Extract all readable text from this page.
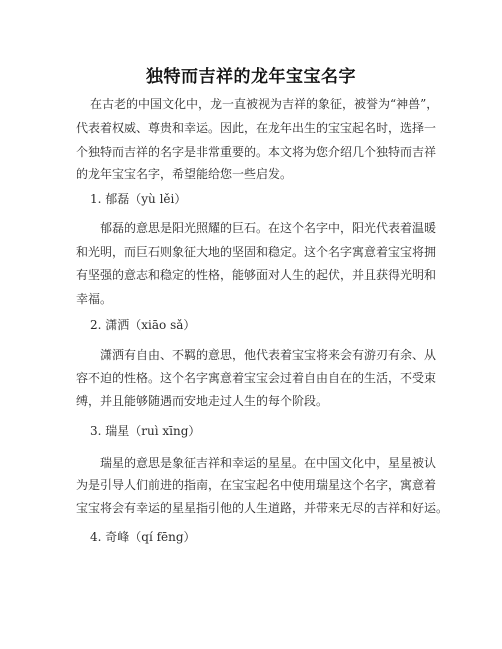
独特而吉祥的龙年宝宝名字
在古老的中国文化中，龙一直被视为吉祥的象征，被誉为“神兽”，
代表着权威、尊贵和幸运。因此，在龙年出生的宝宝起名时，选择一
个独特而吉祥的名字是非常重要的。本文将为您介绍几个独特而吉祥
的龙年宝宝名字，希望能给您一些启发。
1. 郁磊（yù lěi）
郁磊的意思是阳光照耀的巨石。在这个名字中，阳光代表着温暖
和光明，而巨石则象征大地的坚固和稳定。这个名字寓意着宝宝将拥
有坚强的意志和稳定的性格，能够面对人生的起伏，并且获得光明和
幸福。
2. 潇洒（xiāo sǎ）
潇洒有自由、不羁的意思，他代表着宝宝将来会有游刃有余、从
容不迫的性格。这个名字寓意着宝宝会过着自由自在的生活，不受束
缚，并且能够随遇而安地走过人生的每个阶段。
3. 瑞星（ruì xīng）
瑞星的意思是象征吉祥和幸运的星星。在中国文化中，星星被认
为是引导人们前进的指南，在宝宝起名中使用瑞星这个名字，寓意着
宝宝将会有幸运的星星指引他的人生道路，并带来无尽的吉祥和好运。
4. 奇峰（qí fēng）
